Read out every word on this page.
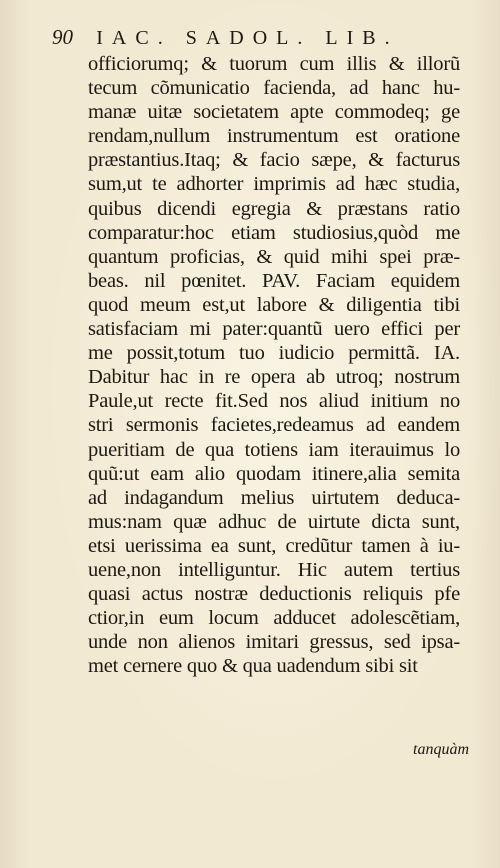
90 IAC. SADOL. LIB.
officiorumq; & tuorum cum illis & illorũ
tecum cõmunicatio facienda, ad hanc hu-
manæ uitæ societatem apte commodeq; ge
rendam,nullum instrumentum est oratione
præstantius.Itaq; & facio sæpe, & facturus
sum,ut te adhorter imprimis ad hæc studia,
quibus dicendi egregia & præstans ratio
comparatur:hoc etiam studiosius,quòd me
quantum proficias, & quid mihi spei præ-
beas. nil pœnitet. PAV. Faciam equidem
quod meum est,ut labore & diligentia tibi
satisfaciam mi pater:quantũ uero effici per
me possit,totum tuo iudicio permittã. IA.
Dabitur hac in re opera ab utroq; nostrum
Paule,ut recte fit.Sed nos aliud initium no
stri sermonis facietes,redeamus ad eandem
pueritiam de qua totiens iam iterauimus lo
quũ:ut eam alio quodam itinere,alia semita
ad indagandum melius uirtutem deduca-
mus:nam quæ adhuc de uirtute dicta sunt,
etsi uerissima ea sunt, credũtur tamen à iu-
uene,non intelliguntur. Hic autem tertius
quasi actus nostræ deductionis reliquis pfe
ctior,in eum locum adducet adolescẽtiam,
unde non alienos imitari gressus, sed ipsa-
met cernere quo & qua uadendum sibi sit
tanquàm
